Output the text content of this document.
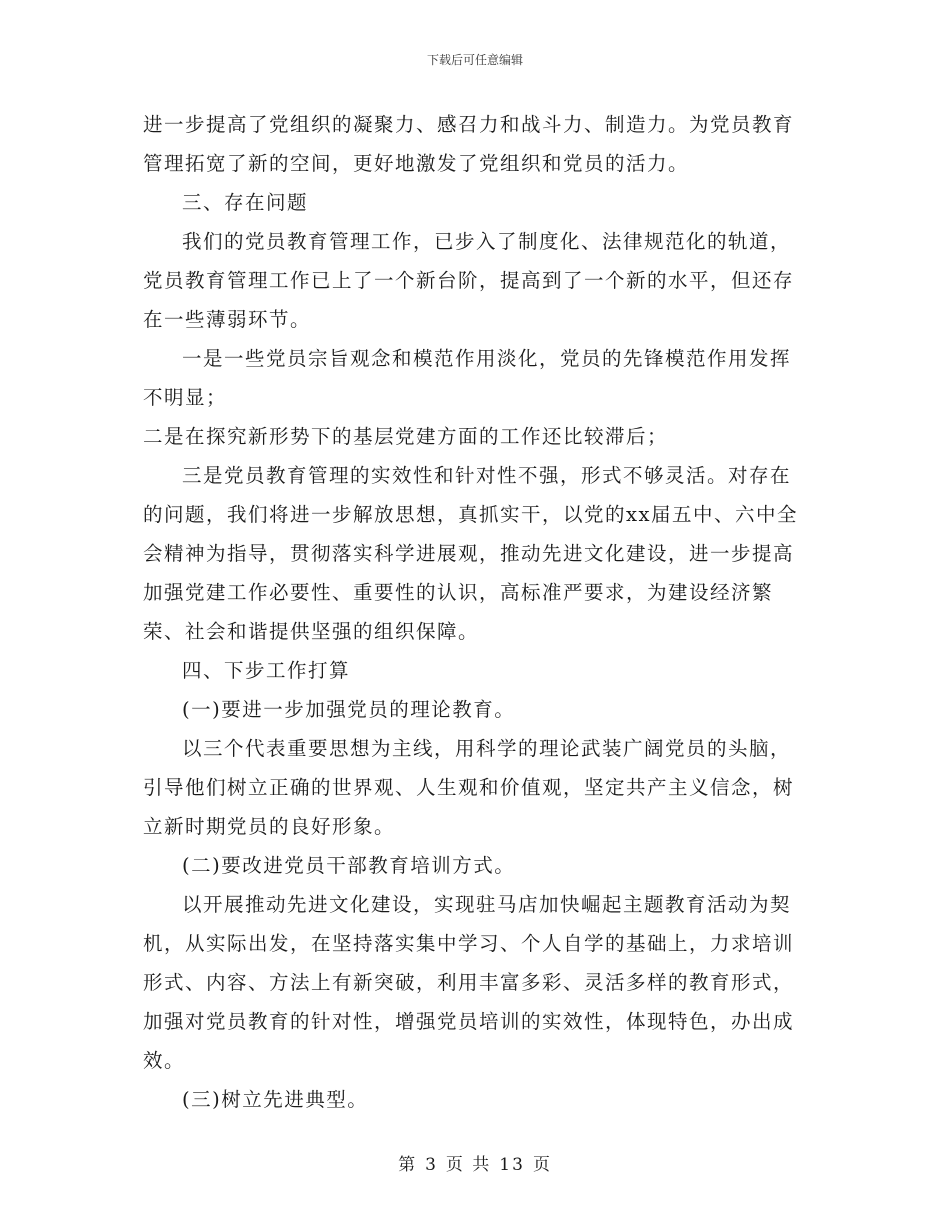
下载后可任意编辑

进一步提高了党组织的凝聚力、感召力和战斗力、制造力。为党员教育管理拓宽了新的空间，更好地激发了党组织和党员的活力。

三、存在问题

我们的党员教育管理工作，已步入了制度化、法律规范化的轨道，党员教育管理工作已上了一个新台阶，提高到了一个新的水平，但还存在一些薄弱环节。

一是一些党员宗旨观念和模范作用淡化，党员的先锋模范作用发挥不明显；

二是在探究新形势下的基层党建方面的工作还比较滞后；

三是党员教育管理的实效性和针对性不强，形式不够灵活。对存在的问题，我们将进一步解放思想，真抓实干，以党的xx届五中、六中全会精神为指导，贯彻落实科学进展观，推动先进文化建设，进一步提高加强党建工作必要性、重要性的认识，高标准严要求，为建设经济繁荣、社会和谐提供坚强的组织保障。

四、下步工作打算

(一)要进一步加强党员的理论教育。

以三个代表重要思想为主线，用科学的理论武装广阔党员的头脑，引导他们树立正确的世界观、人生观和价值观，坚定共产主义信念，树立新时期党员的良好形象。

(二)要改进党员干部教育培训方式。

以开展推动先进文化建设，实现驻马店加快崛起主题教育活动为契机，从实际出发，在坚持落实集中学习、个人自学的基础上，力求培训形式、内容、方法上有新突破，利用丰富多彩、灵活多样的教育形式，加强对党员教育的针对性，增强党员培训的实效性，体现特色，办出成效。

(三)树立先进典型。

第 3 页 共 13 页
